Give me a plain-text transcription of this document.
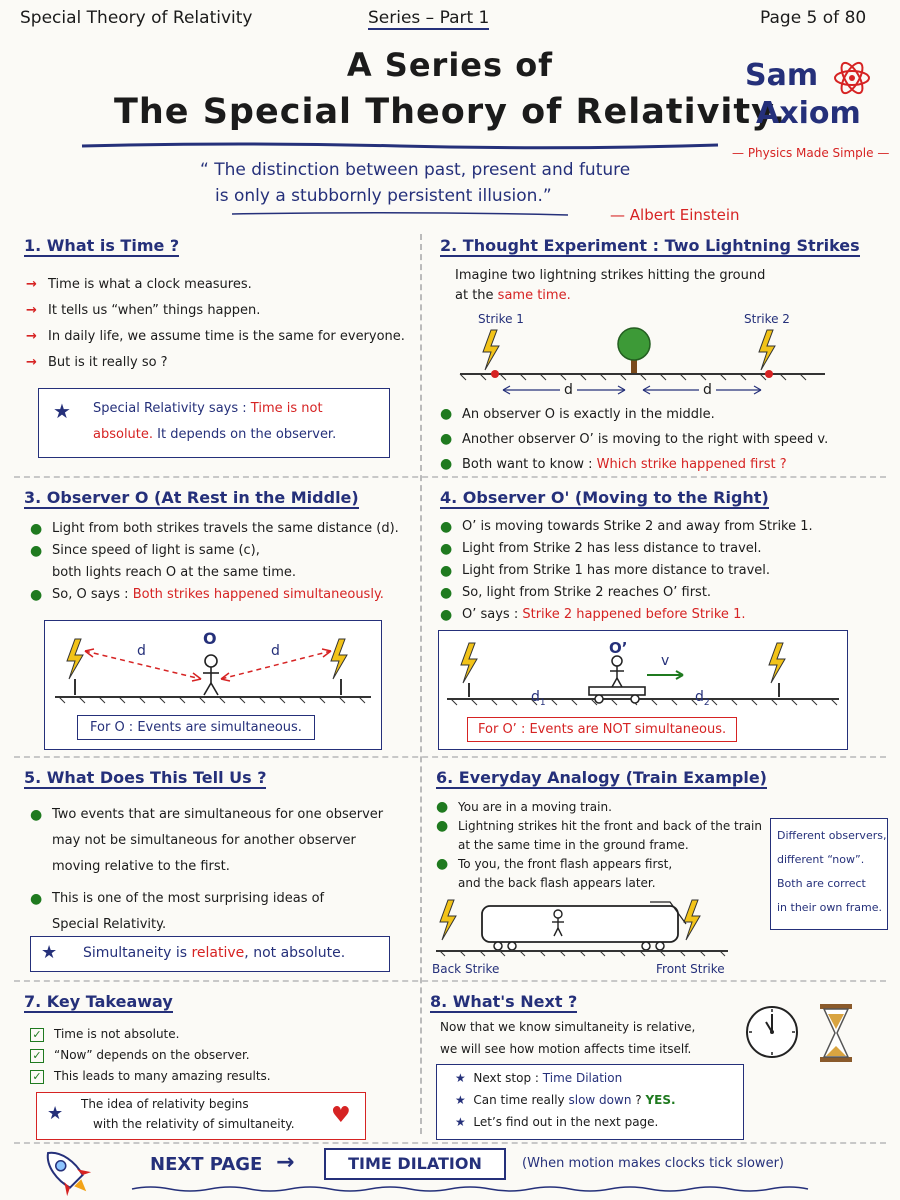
Special Theory of Relativity	Series – Part 1	Page 5 of 80
A Series of
The Special Theory of Relativity.
Sam
Axiom
— Physics Made Simple —
“ The distinction between past, present and future
is only a stubbornly persistent illusion.”
— Albert Einstein
1. What is Time ?
→ Time is what a clock measures.
→ It tells us “when” things happen.
→ In daily life, we assume time is the same for everyone.
→ But is it really so ?
★ Special Relativity says : Time is not
absolute. It depends on the observer.
2. Thought Experiment : Two Lightning Strikes
Imagine two lightning strikes hitting the ground
at the same time.
Strike 1	Strike 2
d	d
● An observer O is exactly in the middle.
● Another observer O’ is moving to the right with speed v.
● Both want to know : Which strike happened first ?
3. Observer O (At Rest in the Middle)
● Light from both strikes travels the same distance (d).
● Since speed of light is same (c),
both lights reach O at the same time.
● So, O says : Both strikes happened simultaneously.
O
d	d
For O : Events are simultaneous.
4. Observer O' (Moving to the Right)
● O’ is moving towards Strike 2 and away from Strike 1.
● Light from Strike 2 has less distance to travel.
● Light from Strike 1 has more distance to travel.
● So, light from Strike 2 reaches O’ first.
● O’ says : Strike 2 happened before Strike 1.
O’
v
$d_1$	$d_2$
For O’ : Events are NOT simultaneous.
5. What Does This Tell Us ?
● Two events that are simultaneous for one observer
may not be simultaneous for another observer
moving relative to the first.
● This is one of the most surprising ideas of
Special Relativity.
★ Simultaneity is relative, not absolute.
6. Everyday Analogy (Train Example)
● You are in a moving train.
● Lightning strikes hit the front and back of the train
at the same time in the ground frame.
● To you, the front flash appears first,
and the back flash appears later.
Different observers,
different “now”.
Both are correct
in their own frame.
Back Strike	Front Strike
7. Key Takeaway
✓ Time is not absolute.
✓ “Now” depends on the observer.
✓ This leads to many amazing results.
★ The idea of relativity begins
with the relativity of simultaneity. ♥
8. What's Next ?
Now that we know simultaneity is relative,
we will see how motion affects time itself.
★ Next stop : Time Dilation
★ Can time really slow down ? YES.
★ Let’s find out in the next page.
NEXT PAGE →	TIME DILATION	(When motion makes clocks tick slower)
